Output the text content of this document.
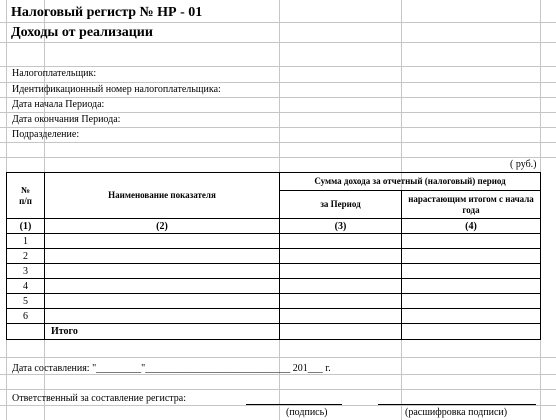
Налоговый регистр № НР - 01
Доходы от реализации
Налогоплательщик:
Идентификационный номер налогоплательщика:
Дата начала Периода:
Дата окончания Периода:
Подразделение:
( руб.)
№
п/п	Наименование показателя	Сумма дохода за отчетный (налоговый) период	
		за Период	нарастающим итогом с начала года
(1)	(2)	(3)	(4)
1			
2			
3			
4			
5			
6			
	Итого		
Дата составления: "_________"_____________________________ 201___ г.
Ответственный за составление регистра:
(подпись)	(расшифровка подписи)
